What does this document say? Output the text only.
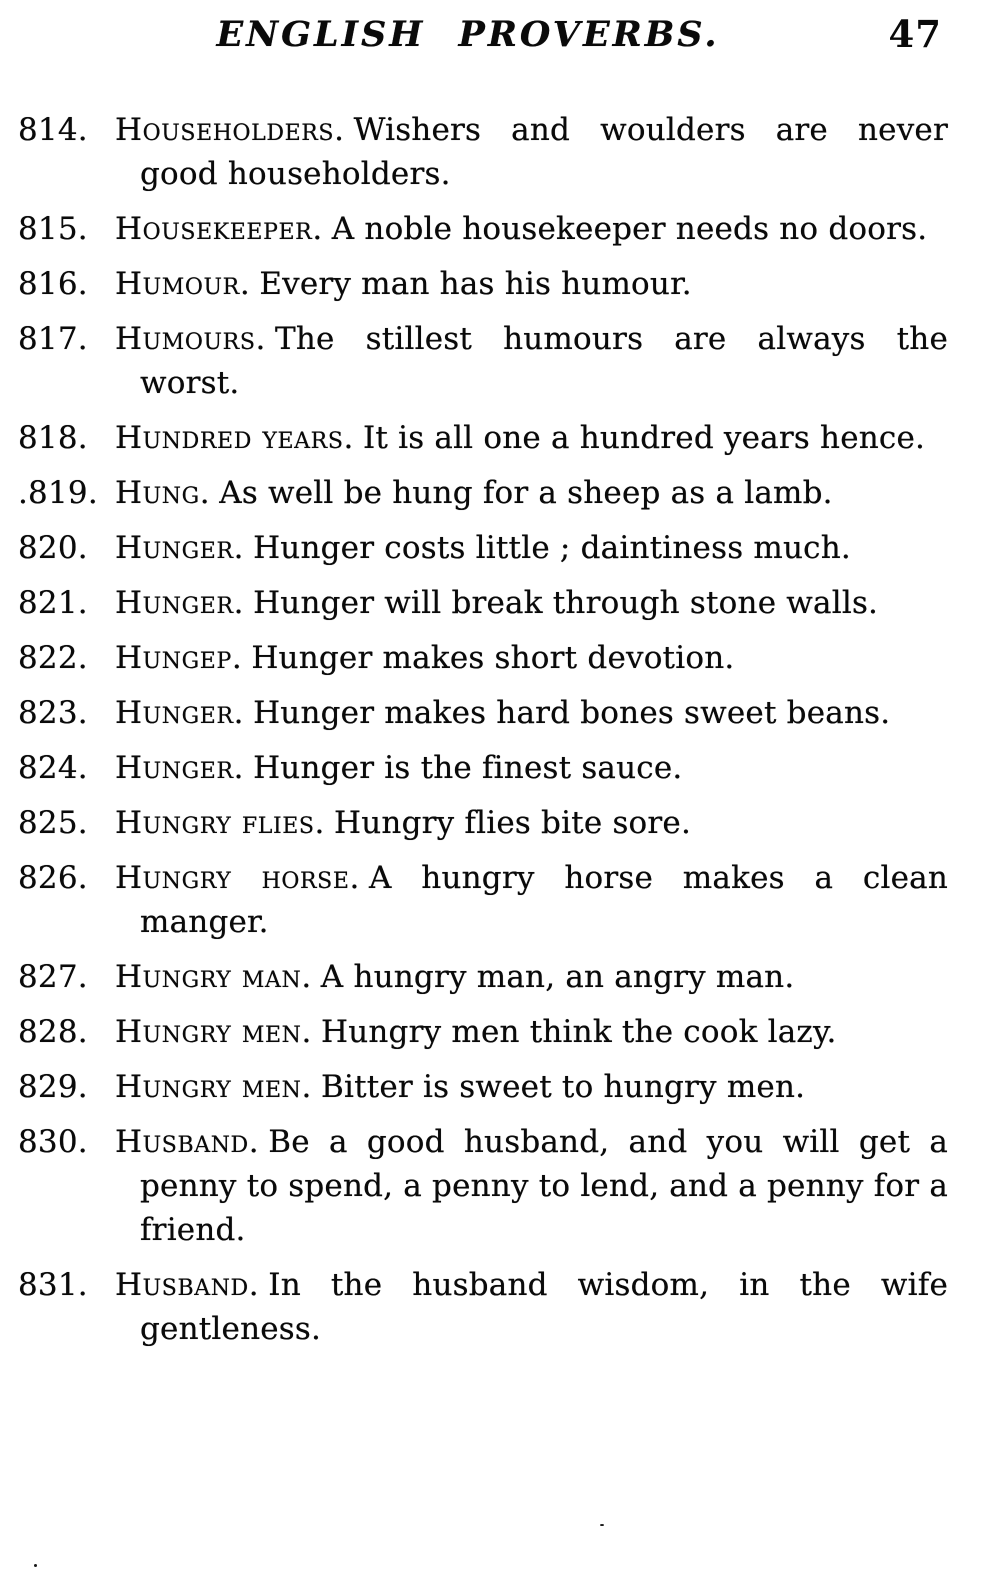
ENGLISH PROVERBS.	47

814. Householders. Wishers and woulders are never good householders.

815. Housekeeper. A noble housekeeper needs no doors.

816. Humour. Every man has his humour.

817. Humours. The stillest humours are always the worst.

818. Hundred years. It is all one a hundred years hence.

.819. Hung. As well be hung for a sheep as a lamb.

820. Hunger. Hunger costs little ; daintiness much.

821. Hunger. Hunger will break through stone walls.

822. Hungep. Hunger makes short devotion.

823. Hunger. Hunger makes hard bones sweet beans.

824. Hunger. Hunger is the finest sauce.

825. Hungry flies. Hungry flies bite sore.

826. Hungry horse. A hungry horse makes a clean manger.

827. Hungry man. A hungry man, an angry man.

828. Hungry men. Hungry men think the cook lazy.

829. Hungry men. Bitter is sweet to hungry men.

830. Husband. Be a good husband, and you will get a penny to spend, a penny to lend, and a penny for a friend.

831. Husband. In the husband wisdom, in the wife gentleness.
